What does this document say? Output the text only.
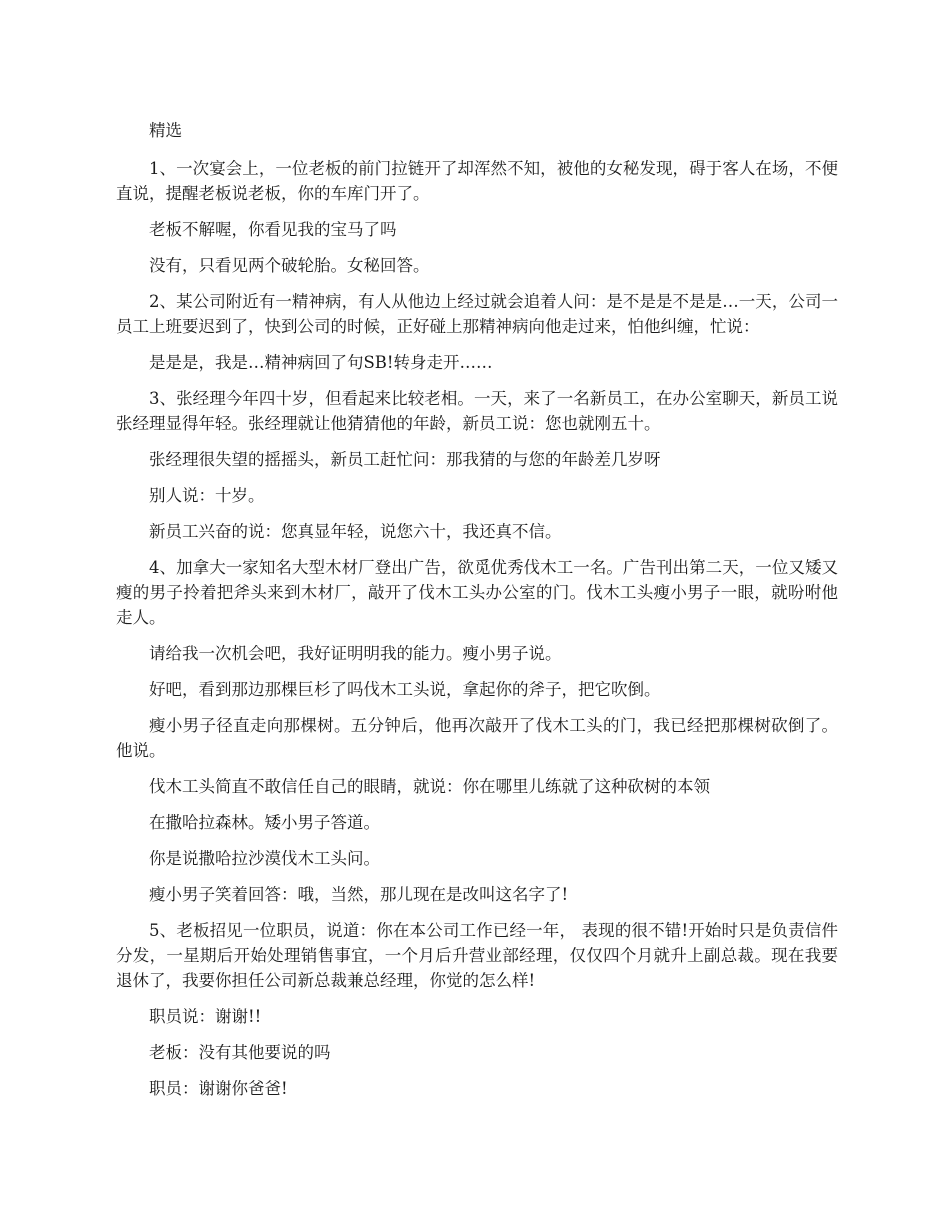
精选

1、一次宴会上，一位老板的前门拉链开了却浑然不知，被他的女秘发现，碍于客人在场，不便直说，提醒老板说老板，你的车库门开了。

老板不解喔，你看见我的宝马了吗

没有，只看见两个破轮胎。女秘回答。

2、某公司附近有一精神病，有人从他边上经过就会追着人问：是不是是不是是…一天，公司一员工上班要迟到了，快到公司的时候，正好碰上那精神病向他走过来，怕他纠缠，忙说：

是是是，我是…精神病回了句SB!转身走开……

3、张经理今年四十岁，但看起来比较老相。一天，来了一名新员工，在办公室聊天，新员工说张经理显得年轻。张经理就让他猜猜他的年龄，新员工说：您也就刚五十。

张经理很失望的摇摇头，新员工赶忙问：那我猜的与您的年龄差几岁呀

别人说：十岁。

新员工兴奋的说：您真显年轻，说您六十，我还真不信。

4、加拿大一家知名大型木材厂登出广告，欲觅优秀伐木工一名。广告刊出第二天，一位又矮又瘦的男子拎着把斧头来到木材厂，敲开了伐木工头办公室的门。伐木工头瘦小男子一眼，就吩咐他走人。

请给我一次机会吧，我好证明明我的能力。瘦小男子说。

好吧，看到那边那棵巨杉了吗伐木工头说，拿起你的斧子，把它吹倒。

瘦小男子径直走向那棵树。五分钟后，他再次敲开了伐木工头的门，我已经把那棵树砍倒了。他说。

伐木工头简直不敢信任自己的眼睛，就说：你在哪里儿练就了这种砍树的本领

在撒哈拉森林。矮小男子答道。

你是说撒哈拉沙漠伐木工头问。

瘦小男子笑着回答：哦，当然，那儿现在是改叫这名字了!

5、老板招见一位职员，说道：你在本公司工作已经一年， 表现的很不错!开始时只是负责信件分发，一星期后开始处理销售事宜，一个月后升营业部经理，仅仅四个月就升上副总裁。现在我要退休了，我要你担任公司新总裁兼总经理，你觉的怎么样!

职员说：谢谢!!

老板：没有其他要说的吗

职员：谢谢你爸爸!
